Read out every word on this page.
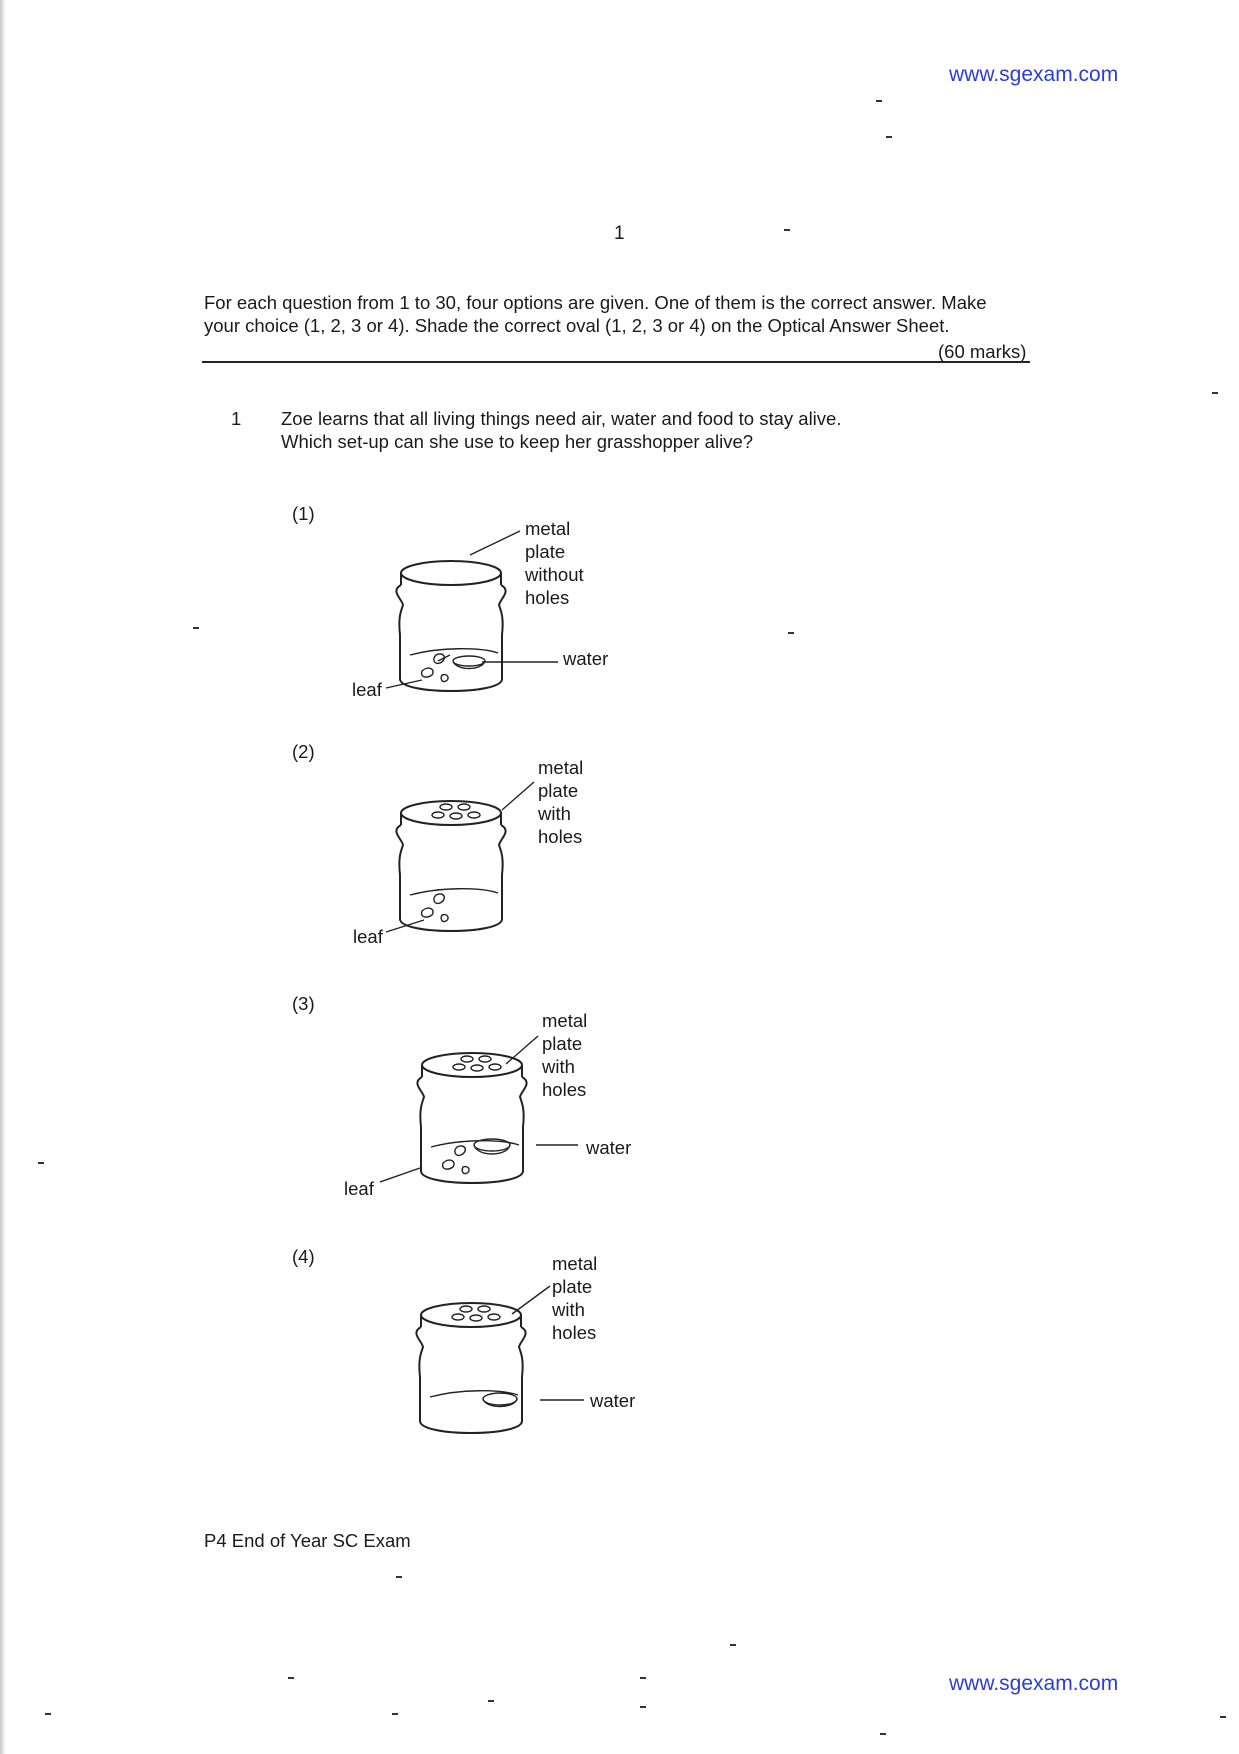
www.sgexam.com
1
For each question from 1 to 30, four options are given. One of them is the correct answer. Make
your choice (1, 2, 3 or 4). Shade the correct oval (1, 2, 3 or 4) on the Optical Answer Sheet.
(60 marks)
1 Zoe learns that all living things need air, water and food to stay alive.
Which set-up can she use to keep her grasshopper alive?
(1)
metal plate
without holes
water
leaf
(2)
metal plate
with holes
leaf
(3)
metal plate
with holes
water
leaf
(4)	metal plate
with holes
water
P4 End of Year SC Exam
www.sgexam.com
